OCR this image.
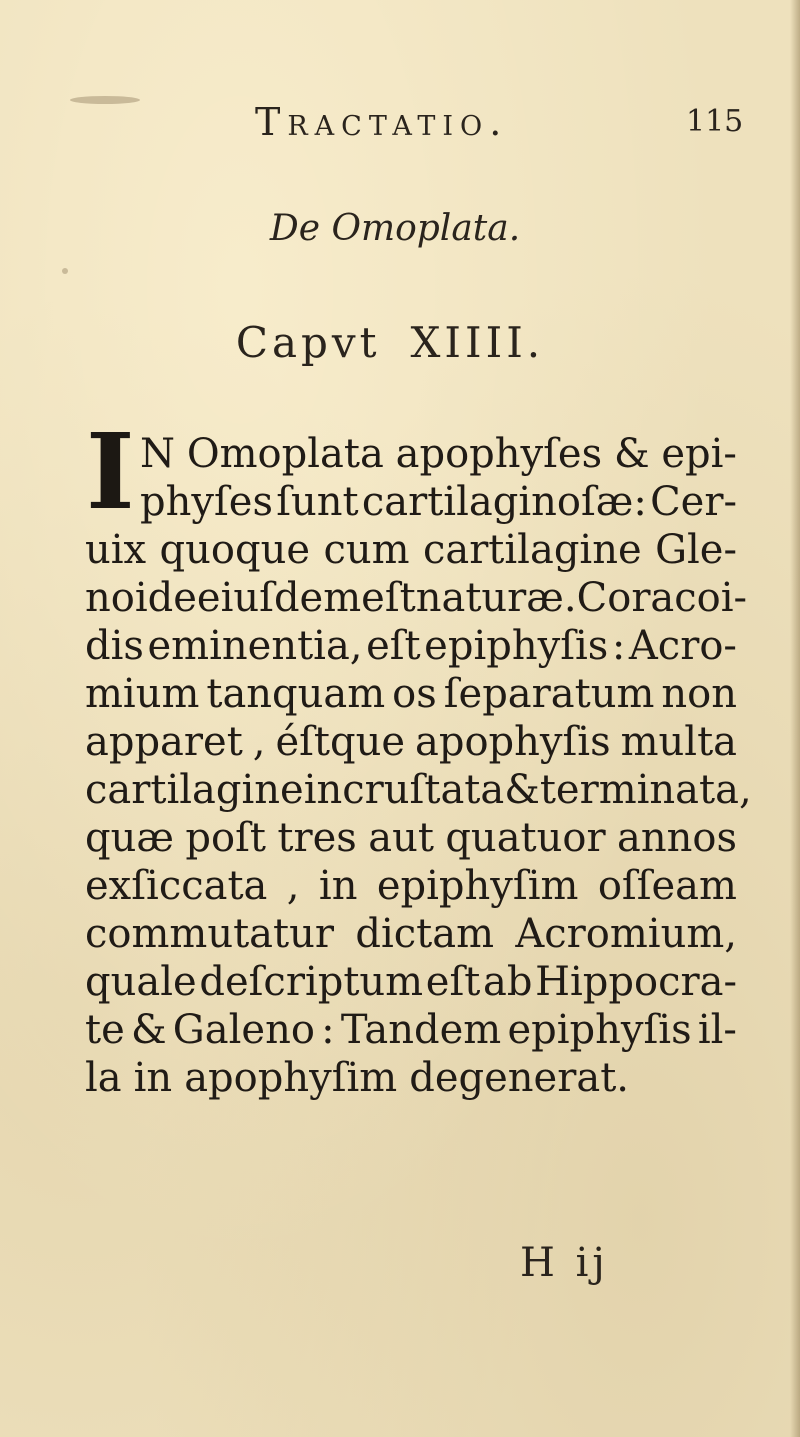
Tractatio.	115
De Omoplata.
Capvt XIIII.
I N Omoplata apophyſes & epi-
phyſes ſunt cartilaginoſæ: Cer-
uix quoque cum cartilagine Gle-
noide eiuſdem eſt naturæ. Coracoi-
dis eminentia, eſt epiphyſis : Acro-
mium tanquam os ſeparatum non
apparet , éſtque apophyſis multa
cartilagine incruſtata & terminata,
quæ poſt tres aut quatuor annos
exſiccata , in epiphyſim oſſeam
commutatur dictam Acromium,
quale deſcriptum eſt ab Hippocra-
te & Galeno : Tandem epiphyſis il-
la in apophyſim degenerat.
H ij
